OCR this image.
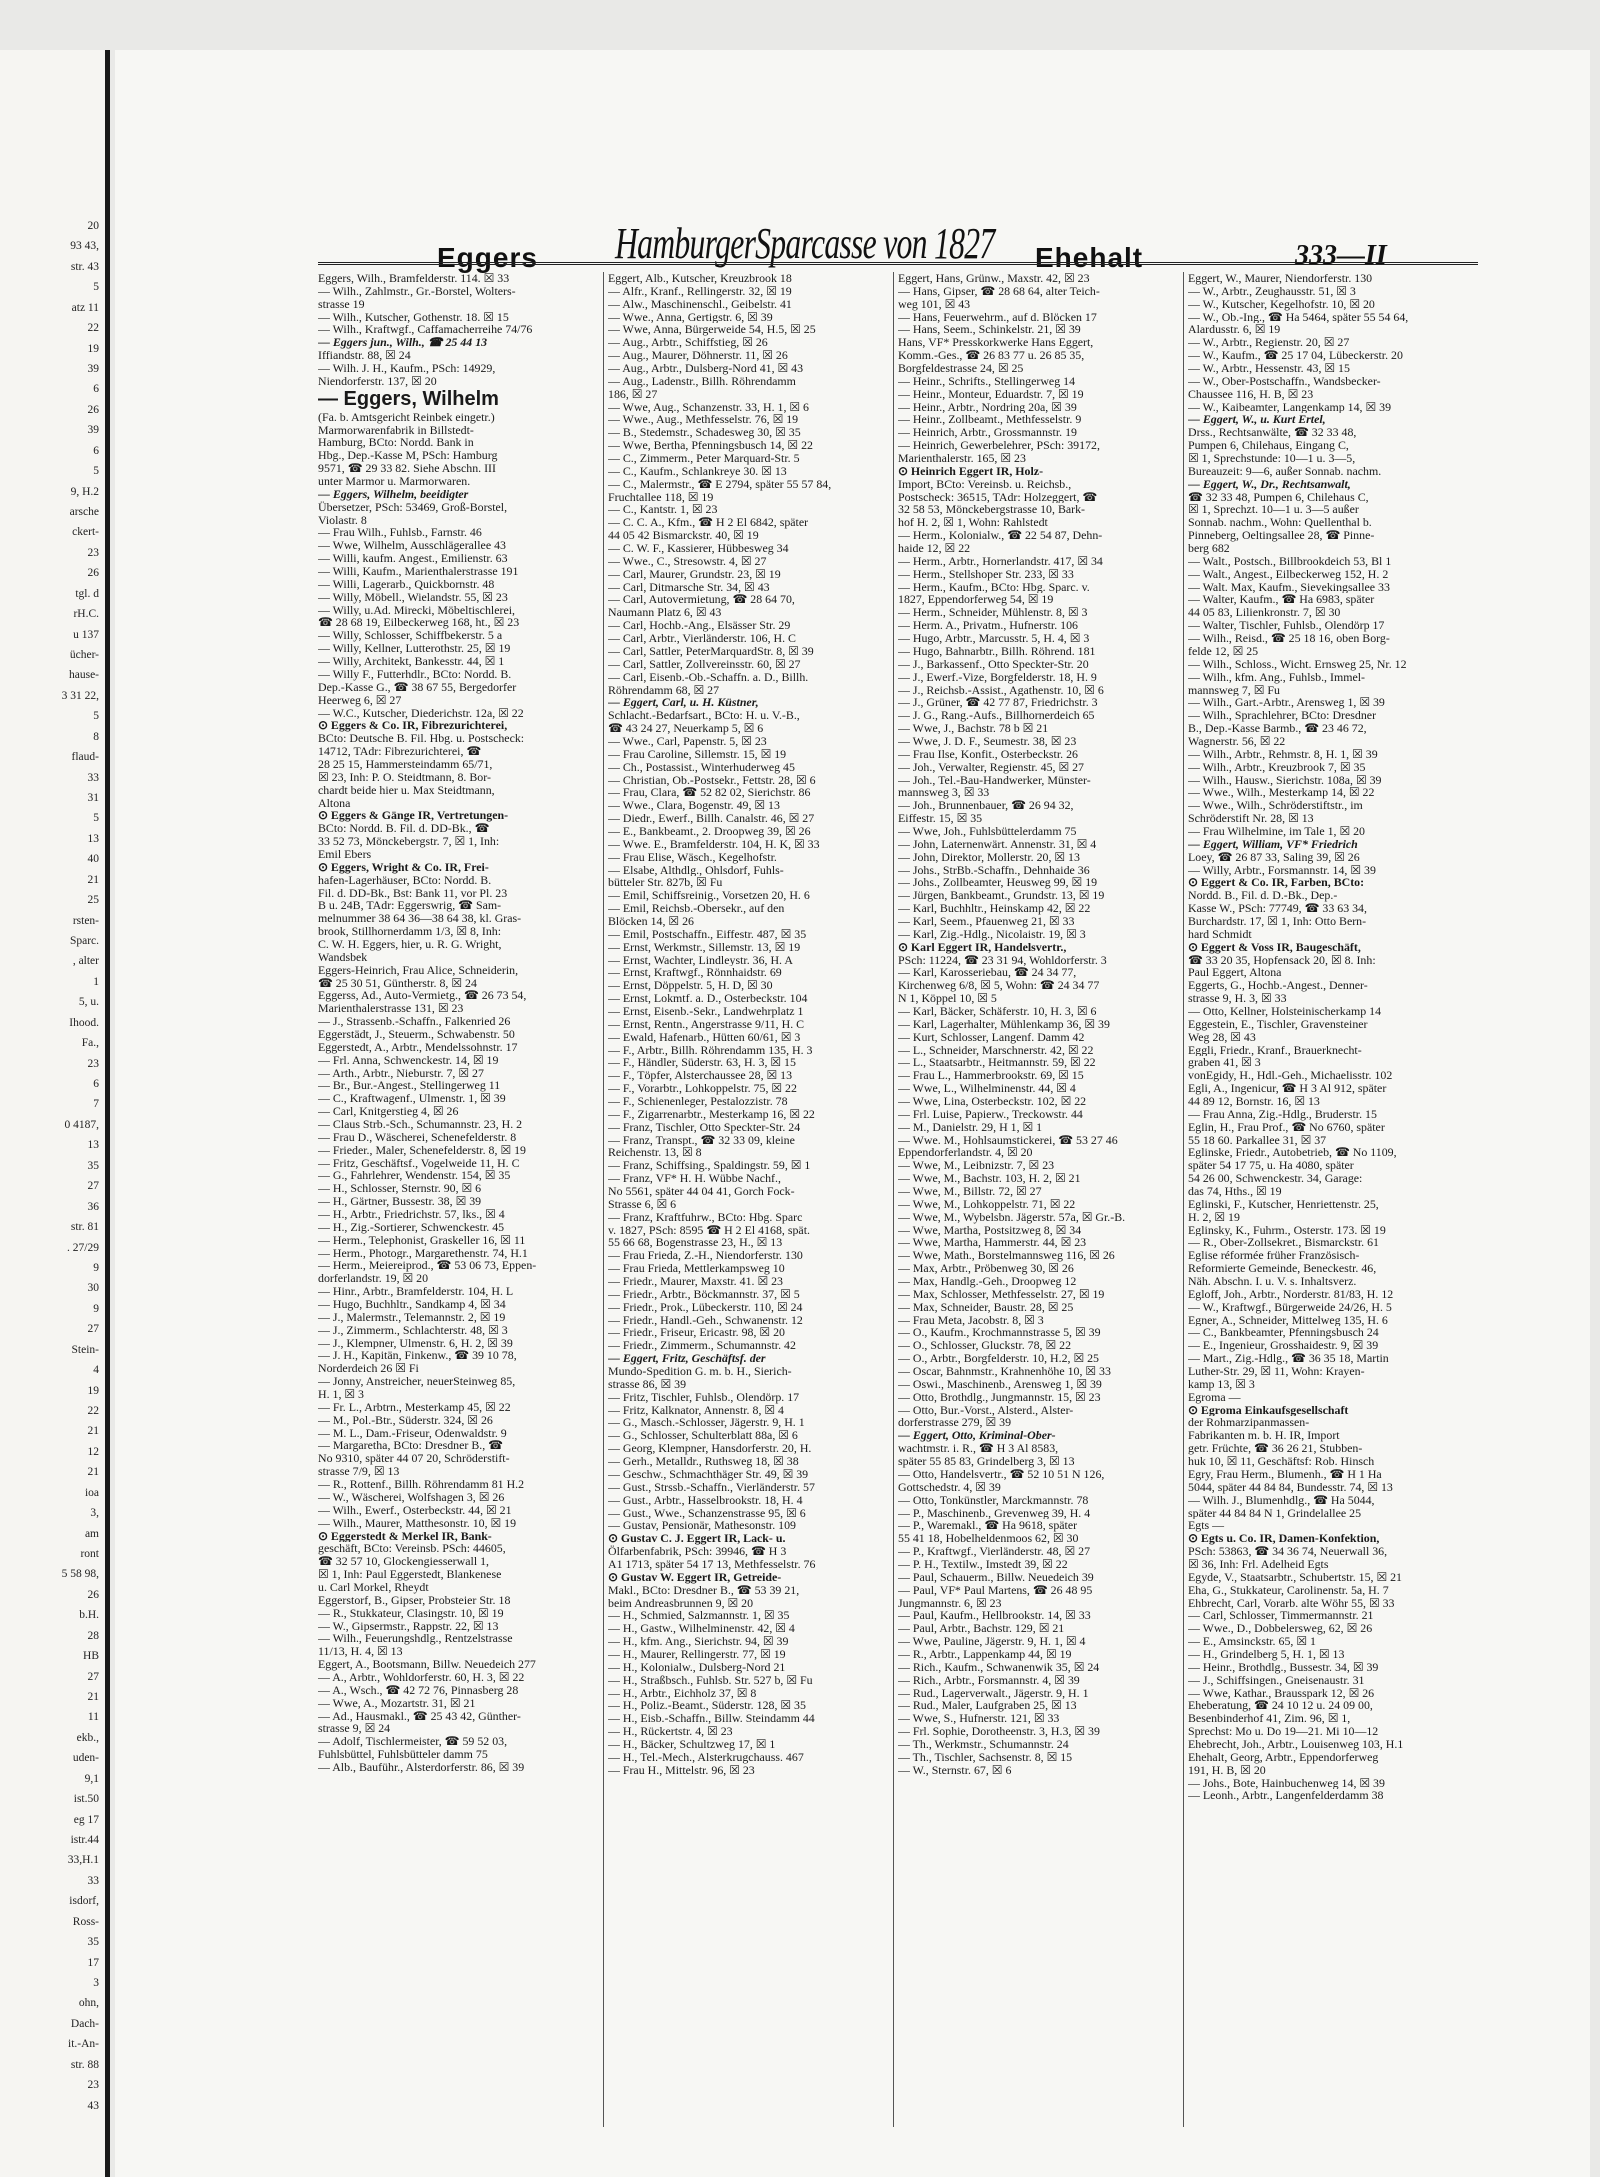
20
93 43,
str. 43
5
atz 11
22
19
39
6
26
39
6
5
9, H.2
arsche
ckert-
23
26
tgl. d
rH.C.
u 137
ücher-
hause-
3 31 22,
5
8
flaud-
33
31
5
13
40
21
25
rsten-
Sparc.
, alter
1
5, u.
Ihood.
Fa.,
23
6
7
0 4187,
13
35
27
36
str. 81
. 27/29
9
30
9
27
Stein-
4
19
22
21
12
21
ioa
3,
am
ront
5 58 98,
26
b.H.
28
HB
27
21
11
ekb.,
uden-
9,1
ist.50
eg 17
istr.44
33,H.1
33
isdorf,
Ross-
35
17
3
ohn,
Dach-
it.-An-
str. 88
23
43
Eggers HamburgerSparcasse von 1827 Ehehalt	333—II
Eggers, Wilh., Bramfelderstr. 114. ☒ 33
— Wilh., Zahlmstr., Gr.-Borstel, Wolters-
strasse 19
— Wilh., Kutscher, Gothenstr. 18. ☒ 15
— Wilh., Kraftwgf., Caffamacherreihe 74/76
— Eggers jun., Wilh., ☎ 25 44 13
Iffiandstr. 88, ☒ 24
— Wilh. J. H., Kaufm., PSch: 14929,
Niendorferstr. 137, ☒ 20
— Eggers, Wilhelm
(Fa. b. Amtsgericht Reinbek eingetr.)
Marmorwarenfabrik in Billstedt-
Hamburg, BCto: Nordd. Bank in
Hbg., Dep.-Kasse M, PSch: Hamburg
9571, ☎ 29 33 82. Siehe Abschn. III
unter Marmor u. Marmorwaren.
— Eggers, Wilhelm, beeidigter
Übersetzer, PSch: 53469, Groß-Borstel,
Violastr. 8
— Frau Wilh., Fuhlsb., Farnstr. 46
— Wwe, Wilhelm, Ausschlägerallee 43
— Willi, kaufm. Angest., Emilienstr. 63
— Willi, Kaufm., Marienthalerstrasse 191
— Willi, Lagerarb., Quickbornstr. 48
— Willy, Möbell., Wielandstr. 55, ☒ 23
— Willy, u.Ad. Mirecki, Möbeltischlerei,
☎ 28 68 19, Eilbeckerweg 168, ht., ☒ 23
— Willy, Schlosser, Schiffbekerstr. 5 a
— Willy, Kellner, Lutterothstr. 25, ☒ 19
— Willy, Architekt, Bankesstr. 44, ☒ 1
— Willy F., Futterhdlr., BCto: Nordd. B.
Dep.-Kasse G., ☎ 38 67 55, Bergedorfer
Heerweg 6, ☒ 27
— W.C., Kutscher, Diederichstr. 12a, ☒ 22
⊙ Eggers & Co. IR, Fibrezurichterei,
BCto: Deutsche B. Fil. Hbg. u. Postscheck:
14712, TAdr: Fibrezurichterei, ☎
28 25 15, Hammersteindamm 65/71,
☒ 23, Inh: P. O. Steidtmann, 8. Bor-
chardt beide hier u. Max Steidtmann,
Altona
⊙ Eggers & Gänge IR, Vertretungen-
BCto: Nordd. B. Fil. d. DD-Bk., ☎
33 52 73, Mönckebergstr. 7, ☒ 1, Inh:
Emil Ebers
⊙ Eggers, Wright & Co. IR, Frei-
hafen-Lagerhäuser, BCto: Nordd. B.
Fil. d. DD-Bk., Bst: Bank 11, vor Pl. 23
B u. 24B, TAdr: Eggerswrig, ☎ Sam-
melnummer 38 64 36—38 64 38, kl. Gras-
brook, Stillhornerdamm 1/3, ☒ 8, Inh:
C. W. H. Eggers, hier, u. R. G. Wright,
Wandsbek
Eggers-Heinrich, Frau Alice, Schneiderin,
☎ 25 30 51, Güntherstr. 8, ☒ 24
Eggerss, Ad., Auto-Vermietg., ☎ 26 73 54,
Marienthalerstrasse 131, ☒ 23
— J., Strassenb.-Schaffn., Falkenried 26
Eggerstädt, J., Steuerm., Schwabenstr. 50
Eggerstedt, A., Arbtr., Mendelssohnstr. 17
— Frl. Anna, Schwenckestr. 14, ☒ 19
— Arth., Arbtr., Nieburstr. 7, ☒ 27
— Br., Bur.-Angest., Stellingerweg 11
— C., Kraftwagenf., Ulmenstr. 1, ☒ 39
— Carl, Knitgerstieg 4, ☒ 26
— Claus Strb.-Sch., Schumannstr. 23, H. 2
— Frau D., Wäscherei, Schenefelderstr. 8
— Frieder., Maler, Schenefelderstr. 8, ☒ 19
— Fritz, Geschäftsf., Vogelweide 11, H. C
— G., Fahrlehrer, Wendenstr. 154, ☒ 35
— H., Schlosser, Sternstr. 90, ☒ 6
— H., Gärtner, Bussestr. 38, ☒ 39
— H., Arbtr., Friedrichstr. 57, lks., ☒ 4
— H., Zig.-Sortierer, Schwenckestr. 45
— Herm., Telephonist, Graskeller 16, ☒ 11
— Herm., Photogr., Margarethenstr. 74, H.1
— Herm., Meiereiprod., ☎ 53 06 73, Eppen-
dorferlandstr. 19, ☒ 20
— Hinr., Arbtr., Bramfelderstr. 104, H. L
— Hugo, Buchhltr., Sandkamp 4, ☒ 34
— J., Malermstr., Telemannstr. 2, ☒ 19
— J., Zimmerm., Schlachterstr. 48, ☒ 3
— J., Klempner, Ulmenstr. 6, H. 2, ☒ 39
— J. H., Kapitän, Finkenw., ☎ 39 10 78,
Norderdeich 26 ☒ Fi
— Jonny, Anstreicher, neuerSteinweg 85,
H. 1, ☒ 3
— Fr. L., Arbtrn., Mesterkamp 45, ☒ 22
— M., Pol.-Btr., Süderstr. 324, ☒ 26
— M. L., Dam.-Friseur, Odenwaldstr. 9
— Margaretha, BCto: Dresdner B., ☎
No 9310, später 44 07 20, Schröderstift-
strasse 7/9, ☒ 13
— R., Rottenf., Billh. Röhrendamm 81 H.2
— W., Wäscherei, Wolfshagen 3, ☒ 26
— Wilh., Ewerf., Osterbeckstr. 44, ☒ 21
— Wilh., Maurer, Matthesonstr. 10, ☒ 19
⊙ Eggerstedt & Merkel IR, Bank-
geschäft, BCto: Vereinsb. PSch: 44605,
☎ 32 57 10, Glockengiesserwall 1,
☒ 1, Inh: Paul Eggerstedt, Blankenese
u. Carl Morkel, Rheydt
Eggerstorf, B., Gipser, Probsteier Str. 18
— R., Stukkateur, Clasingstr. 10, ☒ 19
— W., Gipsermstr., Rappstr. 22, ☒ 13
— Wilh., Feuerungshdlg., Rentzelstrasse
11/13, H. 4, ☒ 13
Eggert, A., Bootsmann, Billw. Neuedeich 277
— A., Arbtr., Wohldorferstr. 60, H. 3, ☒ 22
— A., Wsch., ☎ 42 72 76, Pinnasberg 28
— Wwe, A., Mozartstr. 31, ☒ 21
— Ad., Hausmakl., ☎ 25 43 42, Günther-
strasse 9, ☒ 24
— Adolf, Tischlermeister, ☎ 59 52 03,
Fuhlsbüttel, Fuhlsbütteler damm 75
— Alb., Bauführ., Alsterdorferstr. 86, ☒ 39
Eggert, Alb., Kutscher, Kreuzbrook 18
— Alfr., Kranf., Rellingerstr. 32, ☒ 19
— Alw., Maschinenschl., Geibelstr. 41
— Wwe., Anna, Gertigstr. 6, ☒ 39
— Wwe, Anna, Bürgerweide 54, H.5, ☒ 25
— Aug., Arbtr., Schiffstieg, ☒ 26
— Aug., Maurer, Döhnerstr. 11, ☒ 26
— Aug., Arbtr., Dulsberg-Nord 41, ☒ 43
— Aug., Ladenstr., Billh. Röhrendamm
186, ☒ 27
— Wwe, Aug., Schanzenstr. 33, H. 1, ☒ 6
— Wwe., Aug., Methfesselstr. 76, ☒ 19
— B., Stedemstr., Schadesweg 30, ☒ 35
— Wwe, Bertha, Pfenningsbusch 14, ☒ 22
— C., Zimmerm., Peter Marquard-Str. 5
— C., Kaufm., Schlankreye 30. ☒ 13
— C., Malermstr., ☎ E 2794, später 55 57 84,
Fruchtallee 118, ☒ 19
— C., Kantstr. 1, ☒ 23
— C. C. A., Kfm., ☎ H 2 El 6842, später
44 05 42 Bismarckstr. 40, ☒ 19
— C. W. F., Kassierer, Hübbesweg 34
— Wwe., C., Stresowstr. 4, ☒ 27
— Carl, Maurer, Grundstr. 23, ☒ 19
— Carl, Ditmarsche Str. 34, ☒ 43
— Carl, Autovermietung, ☎ 28 64 70,
Naumann Platz 6, ☒ 43
— Carl, Hochb.-Ang., Elsässer Str. 29
— Carl, Arbtr., Vierländerstr. 106, H. C
— Carl, Sattler, PeterMarquardStr. 8, ☒ 39
— Carl, Sattler, Zollvereinsstr. 60, ☒ 27
— Carl, Eisenb.-Ob.-Schaffn. a. D., Billh.
Röhrendamm 68, ☒ 27
— Eggert, Carl, u. H. Küstner,
Schlacht.-Bedarfsart., BCto: H. u. V.-B.,
☎ 43 24 27, Neuerkamp 5, ☒ 6
— Wwe., Carl, Papenstr. 5, ☒ 23
— Frau Caroline, Sillemstr. 15, ☒ 19
— Ch., Postassist., Winterhuderweg 45
— Christian, Ob.-Postsekr., Fettstr. 28, ☒ 6
— Frau, Clara, ☎ 52 82 02, Sierichstr. 86
— Wwe., Clara, Bogenstr. 49, ☒ 13
— Diedr., Ewerf., Billh. Canalstr. 46, ☒ 27
— E., Bankbeamt., 2. Droopweg 39, ☒ 26
— Wwe. E., Bramfelderstr. 104, H. K, ☒ 33
— Frau Elise, Wäsch., Kegelhofstr.
— Elsabe, Althdlg., Ohlsdorf, Fuhls-
bütteler Str. 827b, ☒ Fu
— Emil, Schiffsreinig., Vorsetzen 20, H. 6
— Emil, Reichsb.-Obersekr., auf den
Blöcken 14, ☒ 26
— Emil, Postschaffn., Eiffestr. 487, ☒ 35
— Ernst, Werkmstr., Sillemstr. 13, ☒ 19
— Ernst, Wachter, Lindleystr. 36, H. A
— Ernst, Kraftwgf., Rönnhaidstr. 69
— Ernst, Döppelstr. 5, H. D, ☒ 30
— Ernst, Lokmtf. a. D., Osterbeckstr. 104
— Ernst, Eisenb.-Sekr., Landwehrplatz 1
— Ernst, Rentn., Angerstrasse 9/11, H. C
— Ewald, Hafenarb., Hütten 60/61, ☒ 3
— F., Arbtr., Billh. Röhrendamm 135, H. 3
— F., Händler, Süderstr. 63, H. 3, ☒ 15
— F., Töpfer, Alsterchaussee 28, ☒ 13
— F., Vorarbtr., Lohkoppelstr. 75, ☒ 22
— F., Schienenleger, Pestalozzistr. 78
— F., Zigarrenarbtr., Mesterkamp 16, ☒ 22
— Franz, Tischler, Otto Speckter-Str. 24
— Franz, Transpt., ☎ 32 33 09, kleine
Reichenstr. 13, ☒ 8
— Franz, Schiffsing., Spaldingstr. 59, ☒ 1
— Franz, VF* H. H. Wübbe Nachf.,
No 5561, später 44 04 41, Gorch Fock-
Strasse 6, ☒ 6
— Franz, Kraftfuhrw., BCto: Hbg. Sparc
v. 1827, PSch: 8595 ☎ H 2 El 4168, spät.
55 66 68, Bogenstrasse 23, H., ☒ 13
— Frau Frieda, Z.-H., Niendorferstr. 130
— Frau Frieda, Mettlerkampsweg 10
— Friedr., Maurer, Maxstr. 41. ☒ 23
— Friedr., Arbtr., Böckmannstr. 37, ☒ 5
— Friedr., Prok., Lübeckerstr. 110, ☒ 24
— Friedr., Handl.-Geh., Schwanenstr. 12
— Friedr., Friseur, Ericastr. 98, ☒ 20
— Friedr., Zimmerm., Schumannstr. 42
— Eggert, Fritz, Geschäftsf. der
Mundo-Spedition G. m. b. H., Sierich-
strasse 86, ☒ 39
— Fritz, Tischler, Fuhlsb., Olendörp. 17
— Fritz, Kalknator, Annenstr. 8, ☒ 4
— G., Masch.-Schlosser, Jägerstr. 9, H. 1
— G., Schlosser, Schulterblatt 88a, ☒ 6
— Georg, Klempner, Hansdorferstr. 20, H.
— Gerh., Metalldr., Ruthsweg 18, ☒ 38
— Geschw., Schmachthäger Str. 49, ☒ 39
— Gust., Strssb.-Schaffn., Vierländerstr. 57
— Gust., Arbtr., Hasselbrookstr. 18, H. 4
— Gust., Wwe., Schanzenstrasse 95, ☒ 6
— Gustav, Pensionär, Mathesonstr. 109
⊙ Gustav C. J. Eggert IR, Lack- u.
Ölfarbenfabrik, PSch: 39946, ☎ H 3
A1 1713, später 54 17 13, Methfesselstr. 76
⊙ Gustav W. Eggert IR, Getreide-
Makl., BCto: Dresdner B., ☎ 53 39 21,
beim Andreasbrunnen 9, ☒ 20
— H., Schmied, Salzmannstr. 1, ☒ 35
— H., Gastw., Wilhelminenstr. 42, ☒ 4
— H., kfm. Ang., Sierichstr. 94, ☒ 39
— H., Maurer, Rellingerstr. 77, ☒ 19
— H., Kolonialw., Dulsberg-Nord 21
— H., Straßbsch., Fuhlsb. Str. 527 b, ☒ Fu
— H., Arbtr., Eichholz 37, ☒ 8
— H., Poliz.-Beamt., Süderstr. 128, ☒ 35
— H., Eisb.-Schaffn., Billw. Steindamm 44
— H., Rückertstr. 4, ☒ 23
— H., Bäcker, Schultzweg 17, ☒ 1
— H., Tel.-Mech., Alsterkrugchauss. 467
— Frau H., Mittelstr. 96, ☒ 23
Eggert, Hans, Grünw., Maxstr. 42, ☒ 23
— Hans, Gipser, ☎ 28 68 64, alter Teich-
weg 101, ☒ 43
— Hans, Feuerwehrm., auf d. Blöcken 17
— Hans, Seem., Schinkelstr. 21, ☒ 39
Hans, VF* Presskorkwerke Hans Eggert,
Komm.-Ges., ☎ 26 83 77 u. 26 85 35,
Borgfeldestrasse 24, ☒ 25
— Heinr., Schrifts., Stellingerweg 14
— Heinr., Monteur, Eduardstr. 7, ☒ 19
— Heinr., Arbtr., Nordring 20a, ☒ 39
— Heinr., Zollbeamt., Methfesselstr. 9
— Heinrich, Arbtr., Grossmannstr. 19
— Heinrich, Gewerbelehrer, PSch: 39172,
Marienthalerstr. 165, ☒ 23
⊙ Heinrich Eggert IR, Holz-
Import, BCto: Vereinsb. u. Reichsb.,
Postscheck: 36515, TAdr: Holzeggert, ☎
32 58 53, Mönckebergstrasse 10, Bark-
hof H. 2, ☒ 1, Wohn: Rahlstedt
— Herm., Kolonialw., ☎ 22 54 87, Dehn-
haide 12, ☒ 22
— Herm., Arbtr., Hornerlandstr. 417, ☒ 34
— Herm., Stellshoper Str. 233, ☒ 33
— Herm., Kaufm., BCto: Hbg. Sparc. v.
1827, Eppendorferweg 54, ☒ 19
— Herm., Schneider, Mühlenstr. 8, ☒ 3
— Herm. A., Privatm., Hufnerstr. 106
— Hugo, Arbtr., Marcusstr. 5, H. 4, ☒ 3
— Hugo, Bahnarbtr., Billh. Röhrend. 181
— J., Barkassenf., Otto Speckter-Str. 20
— J., Ewerf.-Vize, Borgfelderstr. 18, H. 9
— J., Reichsb.-Assist., Agathenstr. 10, ☒ 6
— J., Grüner, ☎ 42 77 87, Friedrichstr. 3
— J. G., Rang.-Aufs., Billhornerdeich 65
— Wwe, J., Bachstr. 78 b ☒ 21
— Wwe, J. D. F., Seumestr. 38, ☒ 23
— Frau Ilse, Konfit., Osterbeckstr. 26
— Joh., Verwalter, Regienstr. 45, ☒ 27
— Joh., Tel.-Bau-Handwerker, Münster-
mannsweg 3, ☒ 33
— Joh., Brunnenbauer, ☎ 26 94 32,
Eiffestr. 15, ☒ 35
— Wwe, Joh., Fuhlsbüttelerdamm 75
— John, Laternenwärt. Annenstr. 31, ☒ 4
— John, Direktor, Mollerstr. 20, ☒ 13
— Johs., StrBb.-Schaffn., Dehnhaide 36
— Johs., Zollbeamter, Heusweg 99, ☒ 19
— Jürgen, Bankbeamt., Grundstr. 13, ☒ 19
— Karl, Buchhltr., Heinskamp 42, ☒ 22
— Karl, Seem., Pfauenweg 21, ☒ 33
— Karl, Zig.-Hdlg., Nicolaistr. 19, ☒ 3
⊙ Karl Eggert IR, Handelsvertr.,
PSch: 11224, ☎ 23 31 94, Wohldorferstr. 3
— Karl, Karosseriebau, ☎ 24 34 77,
Kirchenweg 6/8, ☒ 5, Wohn: ☎ 24 34 77
N 1, Köppel 10, ☒ 5
— Karl, Bäcker, Schäferstr. 10, H. 3, ☒ 6
— Karl, Lagerhalter, Mühlenkamp 36, ☒ 39
— Kurt, Schlosser, Langenf. Damm 42
— L., Schneider, Marschnerstr. 42, ☒ 22
— L., Staatsarbtr., Heitmannstr. 59, ☒ 22
— Frau L., Hammerbrookstr. 69, ☒ 15
— Wwe, L., Wilhelminenstr. 44, ☒ 4
— Wwe, Lina, Osterbeckstr. 102, ☒ 22
— Frl. Luise, Papierw., Treckowstr. 44
— M., Danielstr. 29, H 1, ☒ 1
— Wwe. M., Hohlsaumstickerei, ☎ 53 27 46
Eppendorferlandstr. 4, ☒ 20
— Wwe, M., Leibnizstr. 7, ☒ 23
— Wwe, M., Bachstr. 103, H. 2, ☒ 21
— Wwe, M., Billstr. 72, ☒ 27
— Wwe, M., Lohkoppelstr. 71, ☒ 22
— Wwe, M., Wybelsbn. Jägerstr. 57a, ☒ Gr.-B.
— Wwe, Martha, Postsitzweg 8, ☒ 34
— Wwe, Martha, Hammerstr. 44, ☒ 23
— Wwe, Math., Borstelmannsweg 116, ☒ 26
— Max, Arbtr., Pröbenweg 30, ☒ 26
— Max, Handlg.-Geh., Droopweg 12
— Max, Schlosser, Methfesselstr. 27, ☒ 19
— Max, Schneider, Baustr. 28, ☒ 25
— Frau Meta, Jacobstr. 8, ☒ 3
— O., Kaufm., Krochmannstrasse 5, ☒ 39
— O., Schlosser, Gluckstr. 78, ☒ 22
— O., Arbtr., Borgfelderstr. 10, H.2, ☒ 25
— Oscar, Bahnmstr., Krahnenhöhe 10, ☒ 33
— Oswi., Maschinenb., Arensweg 1, ☒ 39
— Otto, Brothdlg., Jungmannstr. 15, ☒ 23
— Otto, Bur.-Vorst., Alsterd., Alster-
dorferstrasse 279, ☒ 39
— Eggert, Otto, Kriminal-Ober-
wachtmstr. i. R., ☎ H 3 Al 8583,
später 55 85 83, Grindelberg 3, ☒ 13
— Otto, Handelsvertr., ☎ 52 10 51 N 126,
Gottschedstr. 4, ☒ 39
— Otto, Tonkünstler, Marckmannstr. 78
— P., Maschinenb., Grevenweg 39, H. 4
— P., Waremakl., ☎ Ha 9618, später
55 41 18, Hobelheldenmoos 62, ☒ 30
— P., Kraftwgf., Vierländerstr. 48, ☒ 27
— P. H., Textilw., Imstedt 39, ☒ 22
— Paul, Schauerm., Billw. Neuedeich 39
— Paul, VF* Paul Martens, ☎ 26 48 95
Jungmannstr. 6, ☒ 23
— Paul, Kaufm., Hellbrookstr. 14, ☒ 33
— Paul, Arbtr., Bachstr. 129, ☒ 21
— Wwe, Pauline, Jägerstr. 9, H. 1, ☒ 4
— R., Arbtr., Lappenkamp 44, ☒ 19
— Rich., Kaufm., Schwanenwik 35, ☒ 24
— Rich., Arbtr., Forsmannstr. 4, ☒ 39
— Rud., Lagerverwalt., Jägerstr. 9, H. 1
— Rud., Maler, Laufgraben 25, ☒ 13
— Wwe, S., Hufnerstr. 121, ☒ 33
— Frl. Sophie, Dorotheenstr. 3, H.3, ☒ 39
— Th., Werkmstr., Schumannstr. 24
— Th., Tischler, Sachsenstr. 8, ☒ 15
— W., Sternstr. 67, ☒ 6
Eggert, W., Maurer, Niendorferstr. 130
— W., Arbtr., Zeughausstr. 51, ☒ 3
— W., Kutscher, Kegelhofstr. 10, ☒ 20
— W., Ob.-Ing., ☎ Ha 5464, später 55 54 64,
Alardusstr. 6, ☒ 19
— W., Arbtr., Regienstr. 20, ☒ 27
— W., Kaufm., ☎ 25 17 04, Lübeckerstr. 20
— W., Arbtr., Hessenstr. 43, ☒ 15
— W., Ober-Postschaffn., Wandsbecker-
Chaussee 116, H. B, ☒ 23
— W., Kaibeamter, Langenkamp 14, ☒ 39
— Eggert, W., u. Kurt Ertel,
Drss., Rechtsanwälte, ☎ 32 33 48,
Pumpen 6, Chilehaus, Eingang C,
☒ 1, Sprechstunde: 10—1 u. 3—5,
Bureauzeit: 9—6, außer Sonnab. nachm.
— Eggert, W., Dr., Rechtsanwalt,
☎ 32 33 48, Pumpen 6, Chilehaus C,
☒ 1, Sprechzt. 10—1 u. 3—5 außer
Sonnab. nachm., Wohn: Quellenthal b.
Pinneberg, Oeltingsallee 28, ☎ Pinne-
berg 682
— Walt., Postsch., Billbrookdeich 53, Bl 1
— Walt., Angest., Eilbeckerweg 152, H. 2
— Walt. Max, Kaufm., Sievekingsallee 33
— Walter, Kaufm., ☎ Ha 6983, später
44 05 83, Lilienkronstr. 7, ☒ 30
— Walter, Tischler, Fuhlsb., Olendörp 17
— Wilh., Reisd., ☎ 25 18 16, oben Borg-
felde 12, ☒ 25
— Wilh., Schloss., Wicht. Ernsweg 25, Nr. 12
— Wilh., kfm. Ang., Fuhlsb., Immel-
mannsweg 7, ☒ Fu
— Wilh., Gart.-Arbtr., Arensweg 1, ☒ 39
— Wilh., Sprachlehrer, BCto: Dresdner
B., Dep.-Kasse Barmb., ☎ 23 46 72,
Wagnerstr. 56, ☒ 22
— Wilh., Arbtr., Rehmstr. 8, H. 1, ☒ 39
— Wilh., Arbtr., Kreuzbrook 7, ☒ 35
— Wilh., Hausw., Sierichstr. 108a, ☒ 39
— Wwe., Wilh., Mesterkamp 14, ☒ 22
— Wwe., Wilh., Schröderstiftstr., im
Schröderstift Nr. 28, ☒ 13
— Frau Wilhelmine, im Tale 1, ☒ 20
— Eggert, William, VF* Friedrich
Loey, ☎ 26 87 33, Saling 39, ☒ 26
— Willy, Arbtr., Forsmannstr. 14, ☒ 39
⊙ Eggert & Co. IR, Farben, BCto:
Nordd. B., Fil. d. D.-Bk., Dep.-
Kasse W., PSch: 77749, ☎ 33 63 34,
Burchardstr. 17, ☒ 1, Inh: Otto Bern-
hard Schmidt
⊙ Eggert & Voss IR, Baugeschäft,
☎ 33 20 35, Hopfensack 20, ☒ 8. Inh:
Paul Eggert, Altona
Eggerts, G., Hochb.-Angest., Denner-
strasse 9, H. 3, ☒ 33
— Otto, Kellner, Holsteinischerkamp 14
Eggestein, E., Tischler, Gravensteiner
Weg 28, ☒ 43
Eggli, Friedr., Kranf., Brauerknecht-
graben 41, ☒ 3
vonEgidy, H., Hdl.-Geh., Michaelisstr. 102
Egli, A., Ingenicur, ☎ H 3 Al 912, später
44 89 12, Bornstr. 16, ☒ 13
— Frau Anna, Zig.-Hdlg., Bruderstr. 15
Eglin, H., Frau Prof., ☎ No 6760, später
55 18 60. Parkallee 31, ☒ 37
Eglinske, Friedr., Autobetrieb, ☎ No 1109,
später 54 17 75, u. Ha 4080, später
54 26 00, Schwenckestr. 34, Garage:
das 74, Hths., ☒ 19
Eglinski, F., Kutscher, Henriettenstr. 25,
H. 2, ☒ 19
Eglinsky, K., Fuhrm., Osterstr. 173. ☒ 19
— R., Ober-Zollsekret., Bismarckstr. 61
Eglise réformée früher Französisch-
Reformierte Gemeinde, Beneckestr. 46,
Näh. Abschn. I. u. V. s. Inhaltsverz.
Egloff, Joh., Arbtr., Norderstr. 81/83, H. 12
— W., Kraftwgf., Bürgerweide 24/26, H. 5
Egner, A., Schneider, Mittelweg 135, H. 6
— C., Bankbeamter, Pfenningsbusch 24
— E., Ingenieur, Grosshaidestr. 9, ☒ 39
— Mart., Zig.-Hdlg., ☎ 36 35 18, Martin
Luther-Str. 29, ☒ 11, Wohn: Krayen-
kamp 13, ☒ 3
Egroma —
⊙ Egroma Einkaufsgesellschaft
der Rohmarzipanmassen-
Fabrikanten m. b. H. IR, Import
getr. Früchte, ☎ 36 26 21, Stubben-
huk 10, ☒ 11, Geschäftsf: Rob. Hinsch
Egry, Frau Herm., Blumenh., ☎ H 1 Ha
5044, später 44 84 84, Bundesstr. 74, ☒ 13
— Wilh. J., Blumenhdlg., ☎ Ha 5044,
später 44 84 84 N 1, Grindelallee 25
Egts —
⊙ Egts u. Co. IR, Damen-Konfektion,
PSch: 53863, ☎ 34 36 74, Neuerwall 36,
☒ 36, Inh: Frl. Adelheid Egts
Egyde, V., Staatsarbtr., Schubertstr. 15, ☒ 21
Eha, G., Stukkateur, Carolinenstr. 5a, H. 7
Ehbrecht, Carl, Vorarb. alte Wöhr 55, ☒ 33
— Carl, Schlosser, Timmermannstr. 21
— Wwe., D., Dobbelersweg, 62, ☒ 26
— E., Amsinckstr. 65, ☒ 1
— H., Grindelberg 5, H. 1, ☒ 13
— Heinr., Brothdlg., Bussestr. 34, ☒ 39
— J., Schiffsingen., Gneisenaustr. 31
— Wwe, Kathar., Brausspark 12, ☒ 26
Eheberatung, ☎ 24 10 12 u. 24 09 00,
Besenbinderhof 41, Zim. 96, ☒ 1,
Sprechst: Mo u. Do 19—21. Mi 10—12
Ehebrecht, Joh., Arbtr., Louisenweg 103, H.1
Ehehalt, Georg, Arbtr., Eppendorferweg
191, H. B, ☒ 20
— Johs., Bote, Hainbuchenweg 14, ☒ 39
— Leonh., Arbtr., Langenfelderdamm 38
